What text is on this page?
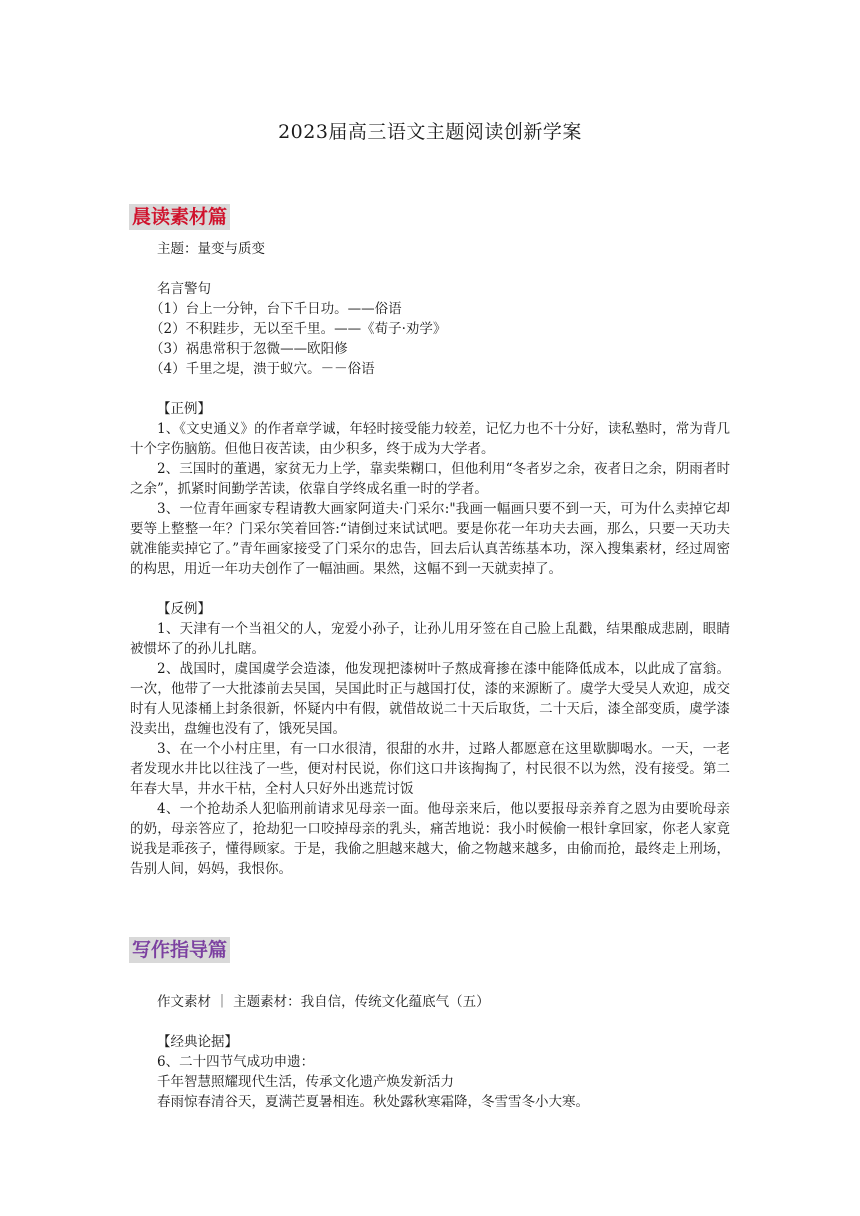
2023届高三语文主题阅读创新学案
晨读素材篇
主题：量变与质变
名言警句
（1）台上一分钟，台下千日功。——俗语
（2）不积跬步，无以至千里。——《荀子·劝学》
（3）祸患常积于忽微——欧阳修
（4）千里之堤，溃于蚁穴。－－俗语
【正例】

1、《文史通义》的作者章学诚，年轻时接受能力较差，记忆力也不十分好，读私塾时，常为背几十个字伤脑筋。但他日夜苦读，由少积多，终于成为大学者。

2、三国时的董遇，家贫无力上学，靠卖柴糊口，但他利用“冬者岁之余，夜者日之余，阴雨者时之余”，抓紧时间勤学苦读，依靠自学终成名重一时的学者。

3、一位青年画家专程请教大画家阿道夫·门采尔:"我画一幅画只要不到一天，可为什么卖掉它却要等上整整一年？门采尔笑着回答:“请倒过来试试吧。要是你花一年功夫去画，那么，只要一天功夫就准能卖掉它了。”青年画家接受了门采尔的忠告，回去后认真苦练基本功，深入搜集素材，经过周密的构思，用近一年功夫创作了一幅油画。果然，这幅不到一天就卖掉了。

【反例】

1、天津有一个当祖父的人，宠爱小孙子，让孙儿用牙签在自己脸上乱戳，结果酿成悲剧，眼睛被惯坏了的孙儿扎瞎。

2、战国时，虞国虞学会造漆，他发现把漆树叶子熬成膏掺在漆中能降低成本，以此成了富翁。一次，他带了一大批漆前去吴国，吴国此时正与越国打仗，漆的来源断了。虞学大受吴人欢迎，成交时有人见漆桶上封条很新，怀疑内中有假，就借故说二十天后取货，二十天后，漆全部变质，虞学漆没卖出，盘缠也没有了，饿死吴国。

3、在一个小村庄里，有一口水很清，很甜的水井，过路人都愿意在这里歇脚喝水。一天，一老者发现水井比以往浅了一些，便对村民说，你们这口井该掏掏了，村民很不以为然，没有接受。第二年春大旱，井水干枯，全村人只好外出逃荒讨饭

4、一个抢劫杀人犯临刑前请求见母亲一面。他母亲来后，他以要报母亲养育之恩为由要吮母亲的奶，母亲答应了，抢劫犯一口咬掉母亲的乳头，痛苦地说：我小时候偷一根针拿回家，你老人家竟说我是乖孩子，懂得顾家。于是，我偷之胆越来越大，偷之物越来越多，由偷而抢，最终走上刑场，告别人间，妈妈，我恨你。

写作指导篇
作文素材 ｜ 主题素材：我自信，传统文化蕴底气（五）
【经典论据】
6、二十四节气成功申遗：
千年智慧照耀现代生活，传承文化遗产焕发新活力
春雨惊春清谷天，夏满芒夏暑相连。秋处露秋寒霜降，冬雪雪冬小大寒。
